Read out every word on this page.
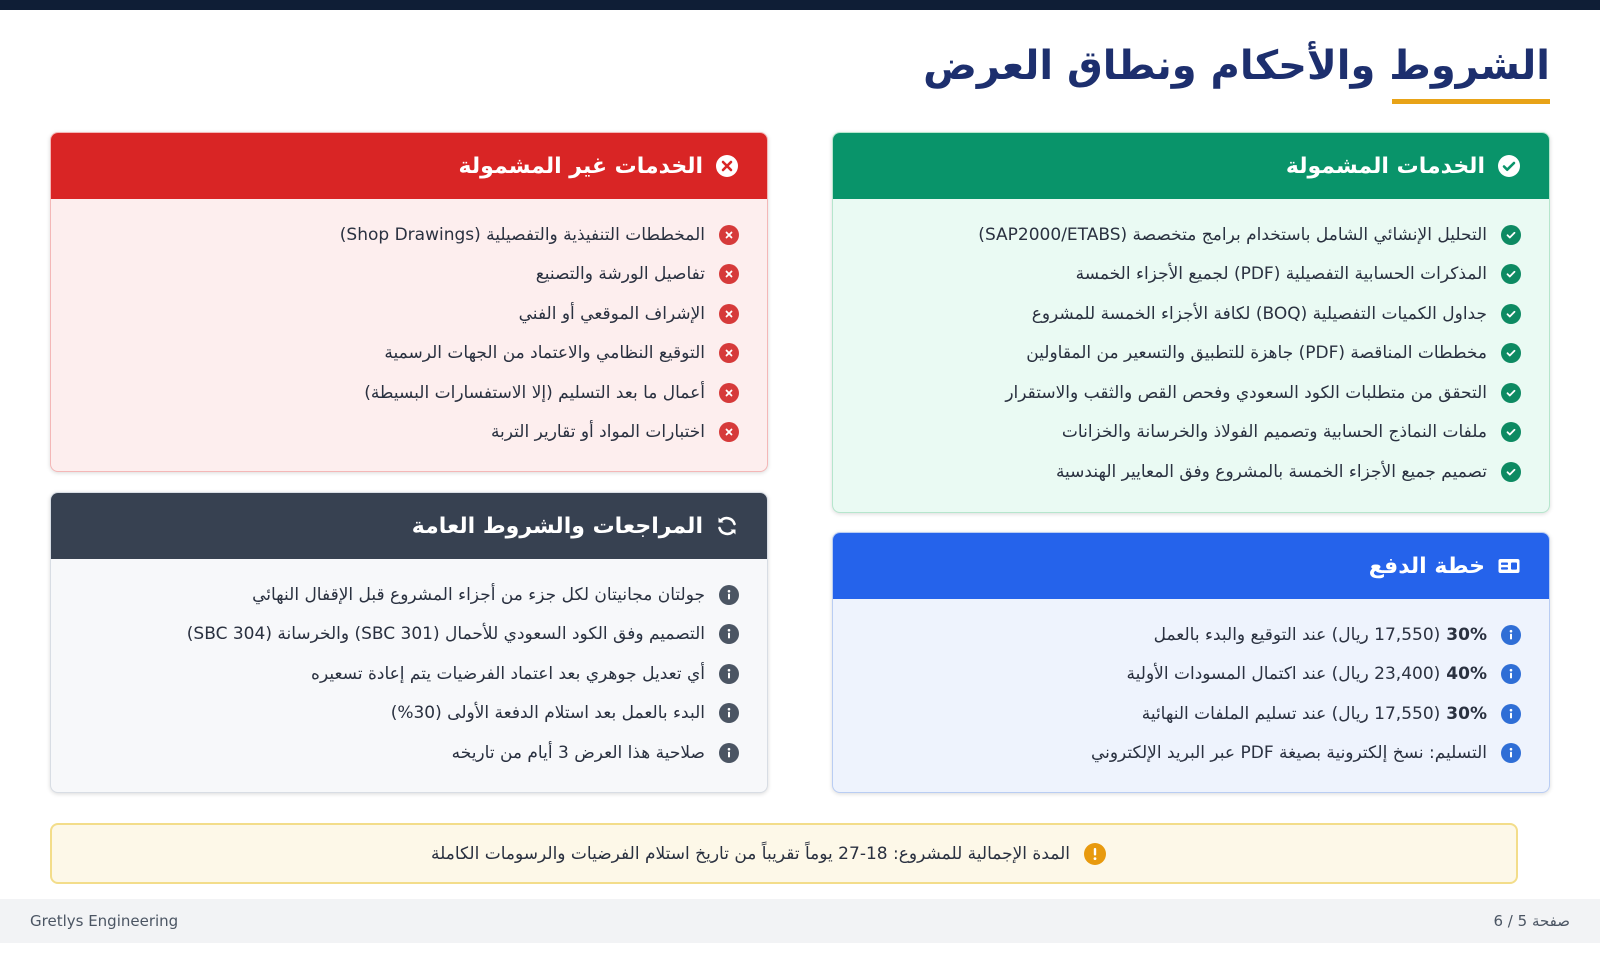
الشروط والأحكام ونطاق العرض
الخدمات المشمولة
التحليل الإنشائي الشامل باستخدام برامج متخصصة (SAP2000/ETABS)
المذكرات الحسابية التفصيلية (PDF) لجميع الأجزاء الخمسة
جداول الكميات التفصيلية (BOQ) لكافة الأجزاء الخمسة للمشروع
مخططات المناقصة (PDF) جاهزة للتطبيق والتسعير من المقاولين
التحقق من متطلبات الكود السعودي وفحص القص والثقب والاستقرار
ملفات النماذج الحسابية وتصميم الفولاذ والخرسانة والخزانات
تصميم جميع الأجزاء الخمسة بالمشروع وفق المعايير الهندسية
الخدمات غير المشمولة
المخططات التنفيذية والتفصيلية (Shop Drawings)
تفاصيل الورشة والتصنيع
الإشراف الموقعي أو الفني
التوقيع النظامي والاعتماد من الجهات الرسمية
أعمال ما بعد التسليم (إلا الاستفسارات البسيطة)
اختبارات المواد أو تقارير التربة
المراجعات والشروط العامة
جولتان مجانيتان لكل جزء من أجزاء المشروع قبل الإقفال النهائي
التصميم وفق الكود السعودي للأحمال (SBC 301) والخرسانة (SBC 304)
أي تعديل جوهري بعد اعتماد الفرضيات يتم إعادة تسعيره
البدء بالعمل بعد استلام الدفعة الأولى (30%)
صلاحية هذا العرض 3 أيام من تاريخه
خطة الدفع
30%
(17,550 ريال) عند التوقيع والبدء بالعمل
40%
(23,400 ريال) عند اكتمال المسودات الأولية
30%
(17,550 ريال) عند تسليم الملفات النهائية
التسليم: نسخ إلكترونية بصيغة PDF عبر البريد الإلكتروني
المدة الإجمالية للمشروع: 18-27 يوماً تقريباً من تاريخ استلام الفرضيات والرسومات الكاملة
صفحة 5 / 6
Gretlys Engineering
